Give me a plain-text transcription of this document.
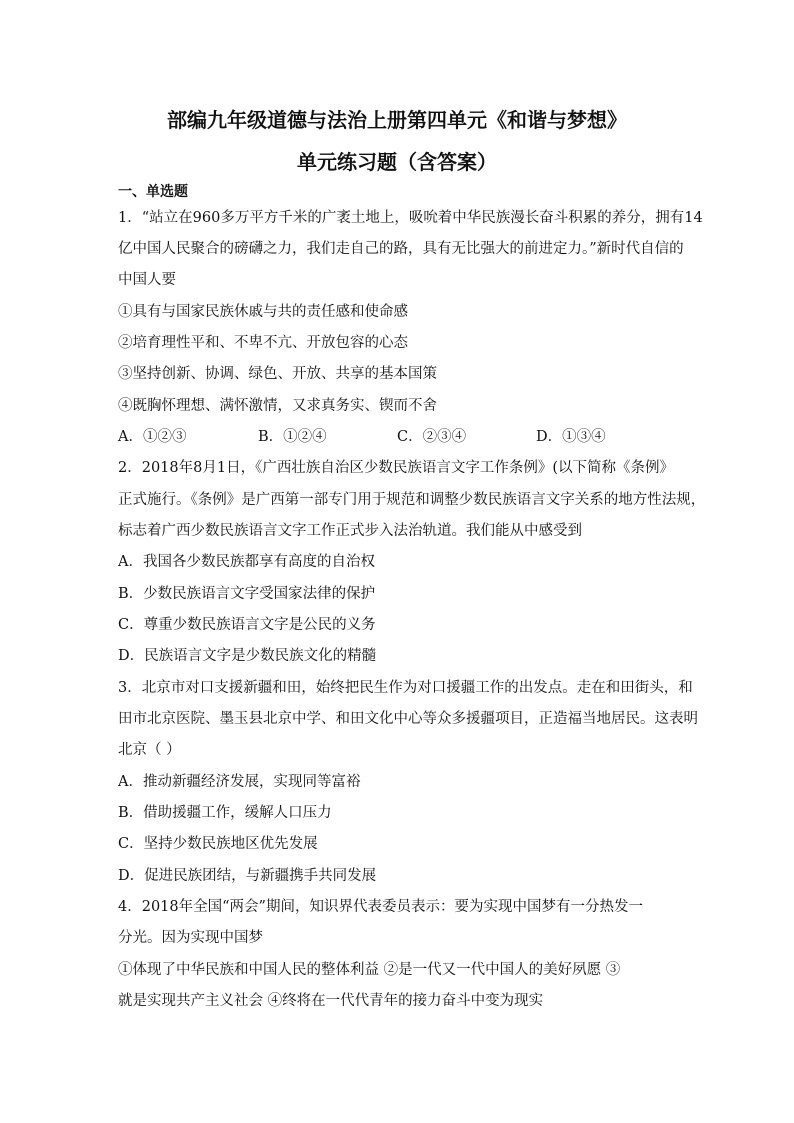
部编九年级道德与法治上册第四单元《和谐与梦想》
单元练习题（含答案）
一、单选题
1．“站立在960多万平方千米的广袤土地上，吸吮着中华民族漫长奋斗积累的养分，拥有14
亿中国人民聚合的磅礴之力，我们走自己的路，具有无比强大的前进定力。”新时代自信的
中国人要
①具有与国家民族休戚与共的责任感和使命感
②培育理性平和、不卑不亢、开放包容的心态
③坚持创新、协调、绿色、开放、共享的基本国策
④既胸怀理想、满怀激情，又求真务实、锲而不舍
A．①②③	B．①②④	C．②③④	D．①③④
2．2018年8月1日，《广西壮族自治区少数民族语言文字工作条例》(以下简称《条例》
正式施行。《条例》是广西第一部专门用于规范和调整少数民族语言文字关系的地方性法规，
标志着广西少数民族语言文字工作正式步入法治轨道。我们能从中感受到
A．我国各少数民族都享有高度的自治权
B．少数民族语言文字受国家法律的保护
C．尊重少数民族语言文字是公民的义务
D．民族语言文字是少数民族文化的精髓
3．北京市对口支援新疆和田，始终把民生作为对口援疆工作的出发点。走在和田街头，和
田市北京医院、墨玉县北京中学、和田文化中心等众多援疆项目，正造福当地居民。这表明
北京（ ）
A．推动新疆经济发展，实现同等富裕
B．借助援疆工作，缓解人口压力
C．坚持少数民族地区优先发展
D．促进民族团结，与新疆携手共同发展
4．2018年全国“两会”期间，知识界代表委员表示：要为实现中国梦有一分热发一
分光。因为实现中国梦
①体现了中华民族和中国人民的整体利益 ②是一代又一代中国人的美好夙愿 ③
就是实现共产主义社会 ④终将在一代代青年的接力奋斗中变为现实
